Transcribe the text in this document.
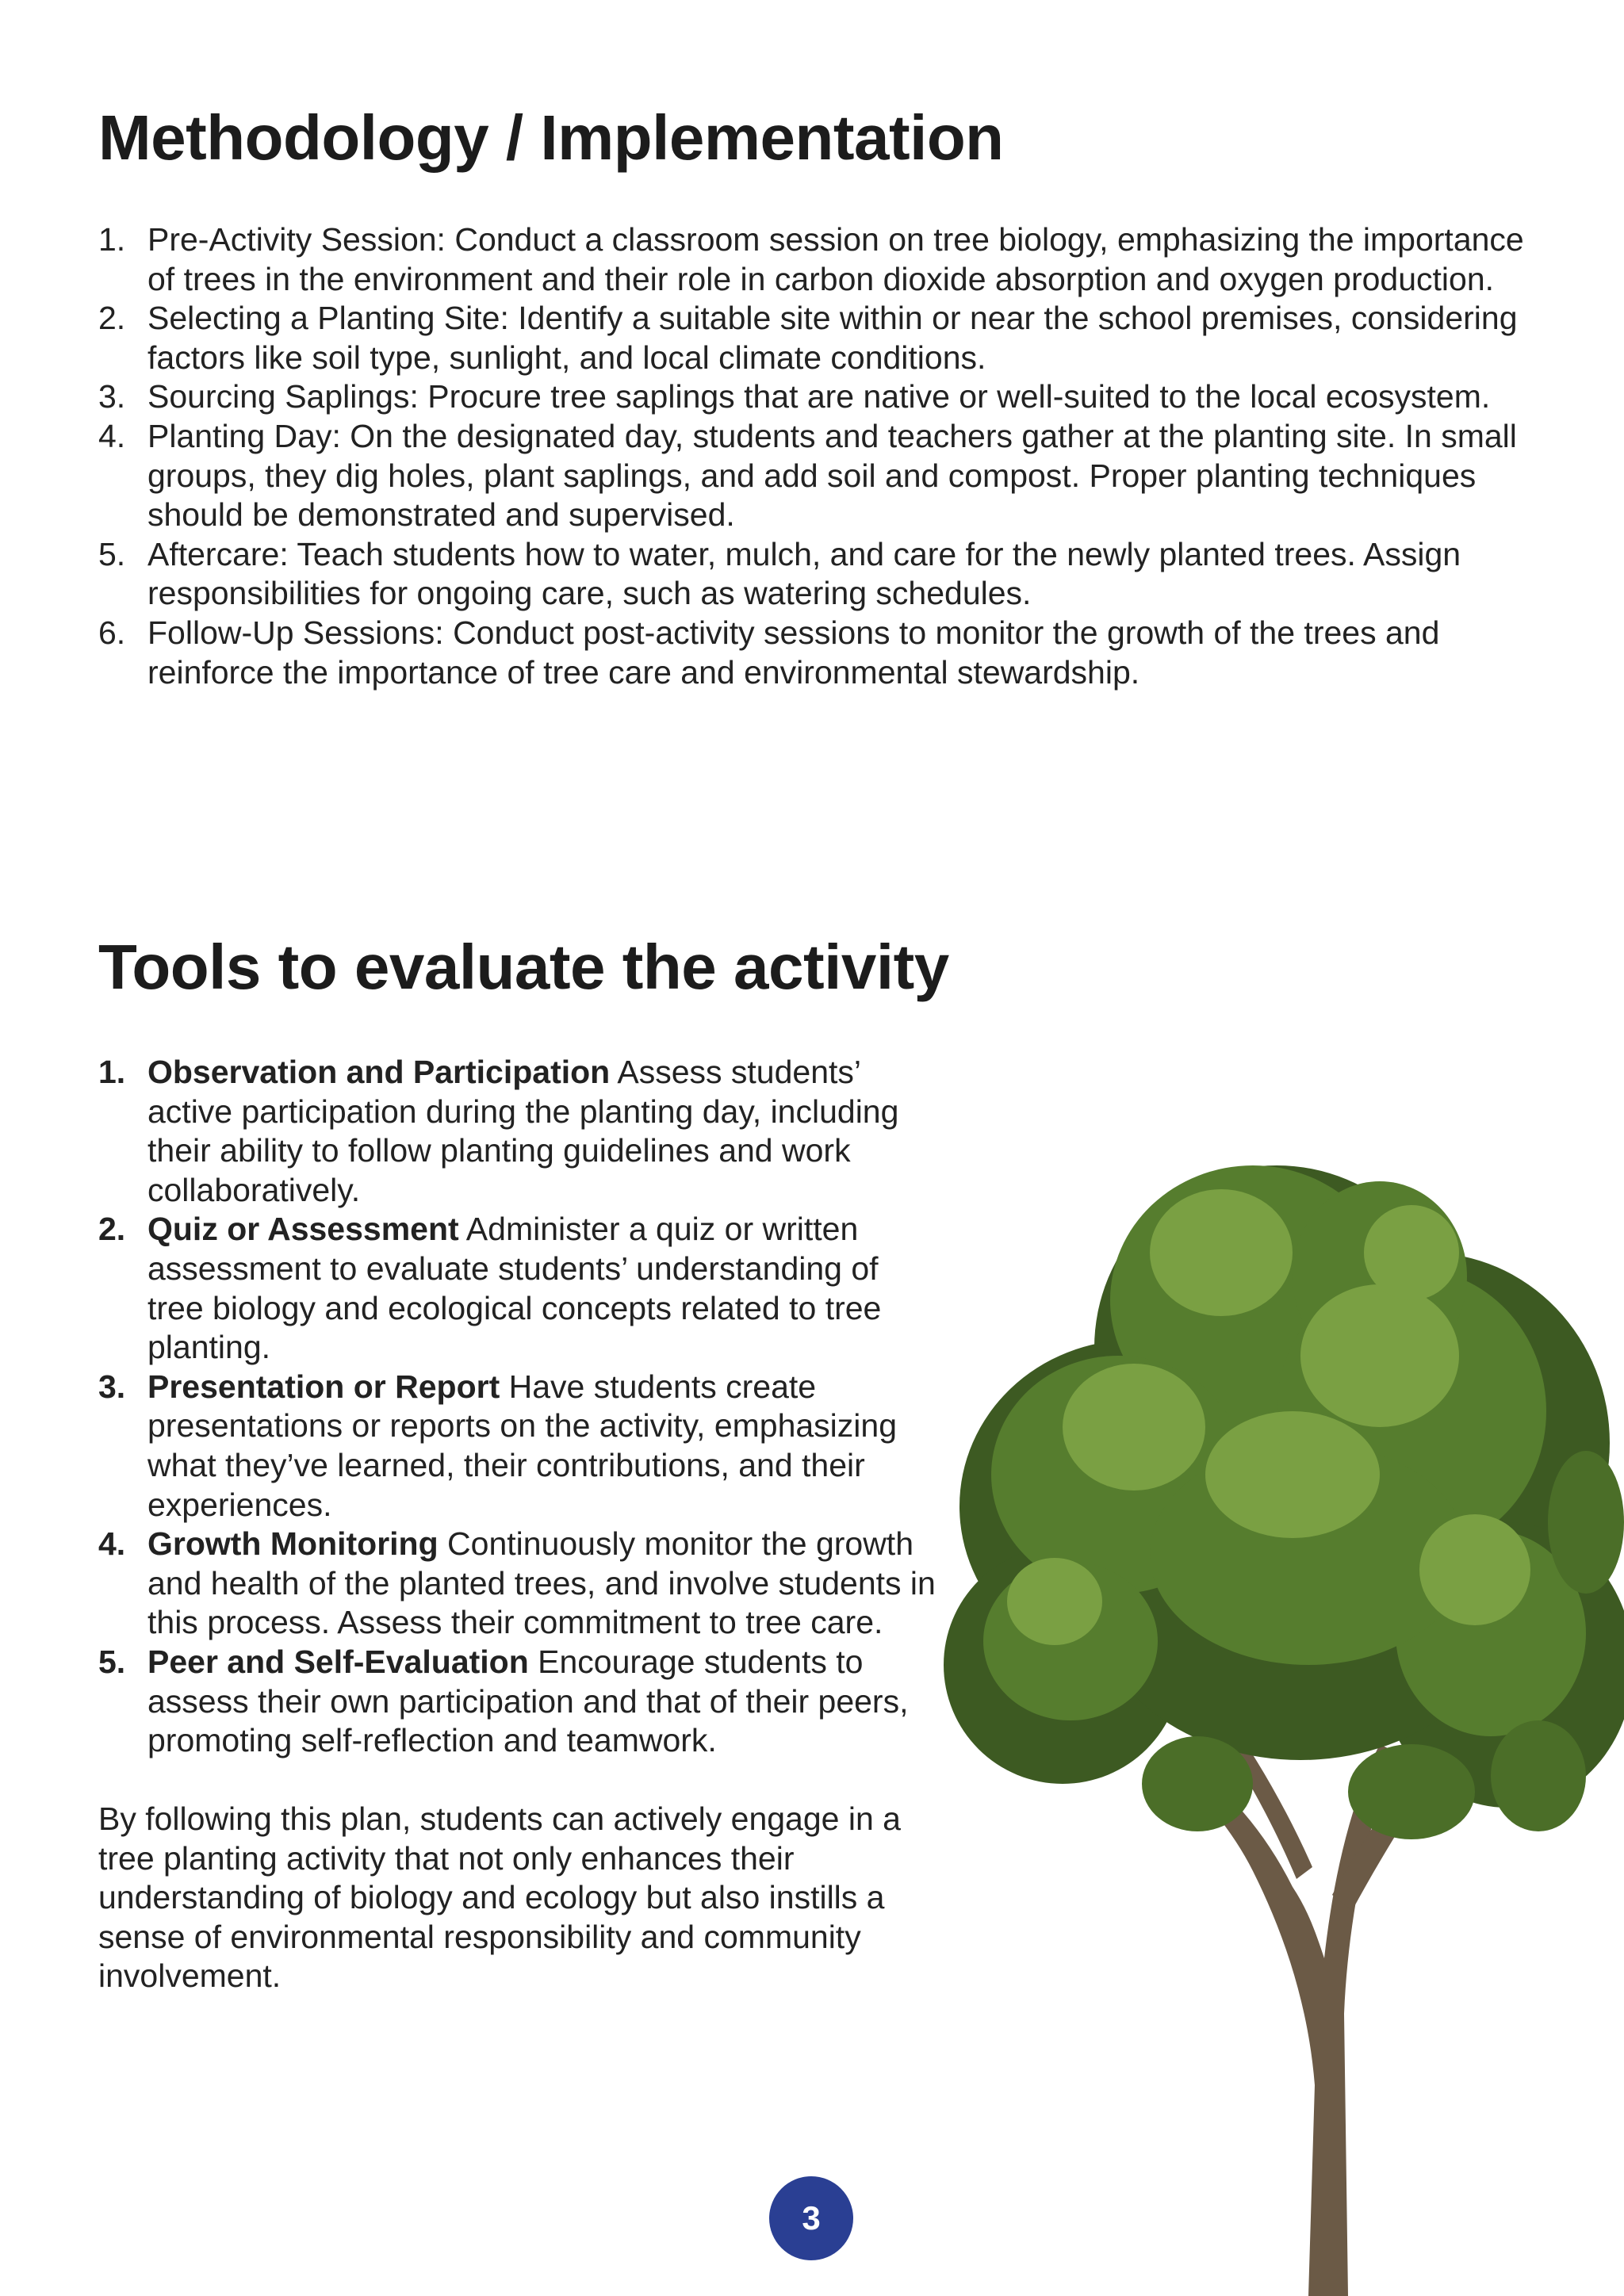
Methodology / Implementation
1. Pre-Activity Session: Conduct a classroom session on tree biology, emphasizing the importance of trees in the environment and their role in carbon dioxide absorption and oxygen production.
2. Selecting a Planting Site: Identify a suitable site within or near the school premises, considering factors like soil type, sunlight, and local climate conditions.
3. Sourcing Saplings: Procure tree saplings that are native or well-suited to the local ecosystem.
4. Planting Day: On the designated day, students and teachers gather at the planting site. In small groups, they dig holes, plant saplings, and add soil and compost. Proper planting techniques should be demonstrated and supervised.
5. Aftercare: Teach students how to water, mulch, and care for the newly planted trees. Assign responsibilities for ongoing care, such as watering schedules.
6. Follow-Up Sessions: Conduct post-activity sessions to monitor the growth of the trees and reinforce the importance of tree care and environmental stewardship.
Tools to evaluate the activity
1. Observation and Participation Assess students’ active participation during the planting day, including their ability to follow planting guidelines and work collaboratively.
2. Quiz or Assessment Administer a quiz or written assessment to evaluate students’ understanding of tree biology and ecological concepts related to tree planting.
3. Presentation or Report Have students create presentations or reports on the activity, emphasizing what they’ve learned, their contributions, and their experiences.
4. Growth Monitoring Continuously monitor the growth and health of the planted trees, and involve students in this process. Assess their commitment to tree care.
5. Peer and Self-Evaluation Encourage students to assess their own participation and that of their peers, promoting self-reflection and teamwork.

By following this plan, students can actively engage in a tree planting activity that not only enhances their understanding of biology and ecology but also instills a sense of environmental responsibility and community involvement.

3
